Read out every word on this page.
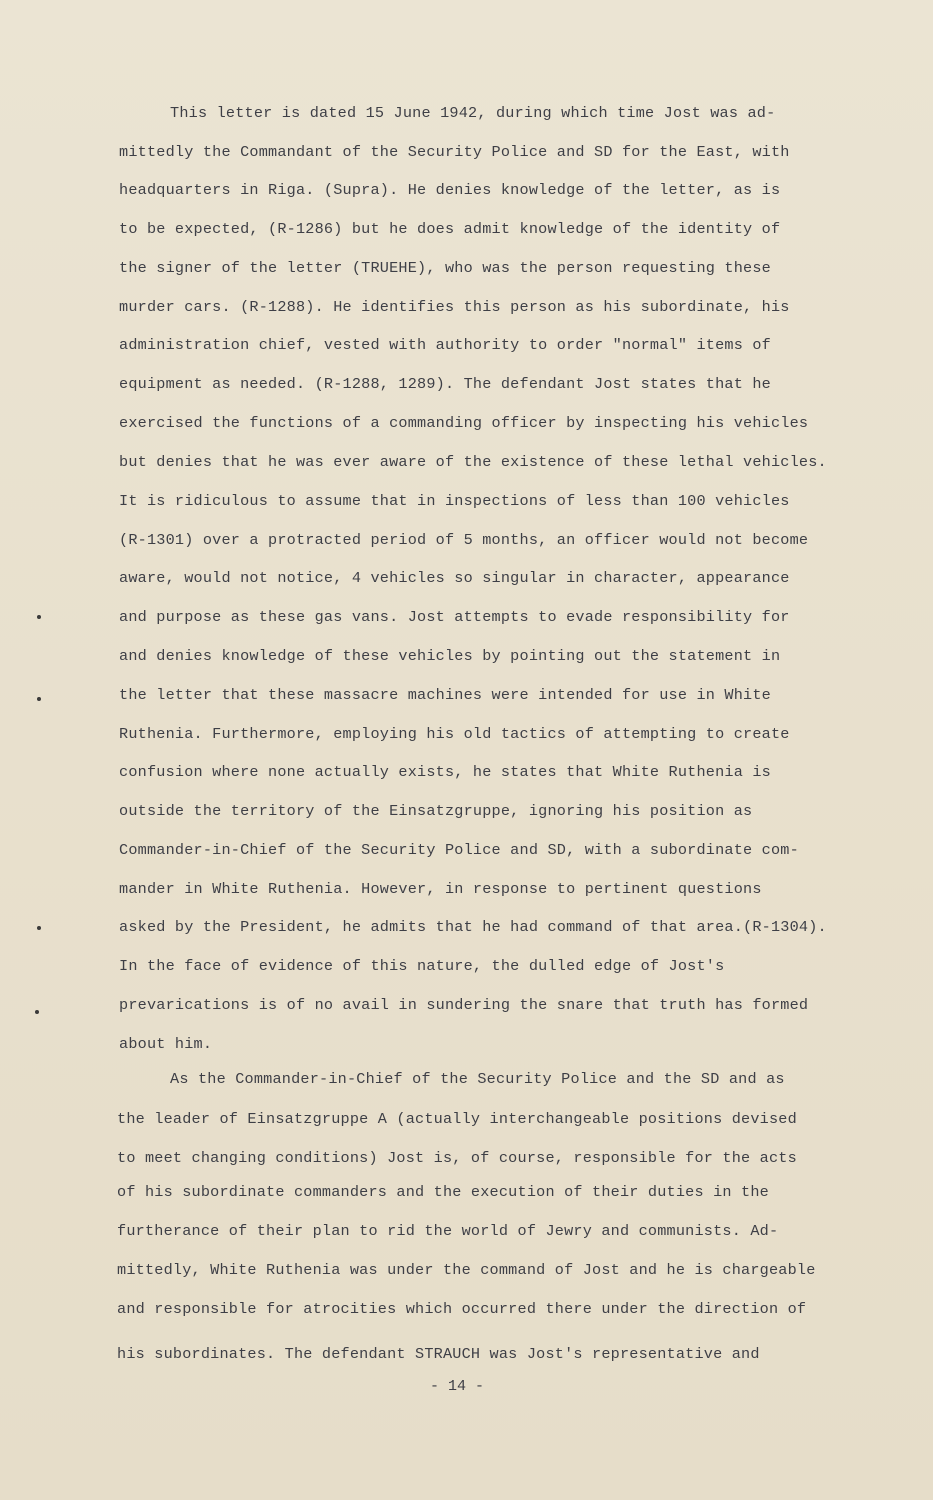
This letter is dated 15 June 1942, during which time Jost was ad-
mittedly the Commandant of the Security Police and SD for the East, with
headquarters in Riga. (Supra). He denies knowledge of the letter, as is
to be expected, (R-1286) but he does admit knowledge of the identity of
the signer of the letter (TRUEHE), who was the person requesting these
murder cars. (R-1288). He identifies this person as his subordinate, his
administration chief, vested with authority to order "normal" items of
equipment as needed. (R-1288, 1289). The defendant Jost states that he
exercised the functions of a commanding officer by inspecting his vehicles
but denies that he was ever aware of the existence of these lethal vehicles.
It is ridiculous to assume that in inspections of less than 100 vehicles
(R-1301) over a protracted period of 5 months, an officer would not become
aware, would not notice, 4 vehicles so singular in character, appearance
and purpose as these gas vans. Jost attempts to evade responsibility for
and denies knowledge of these vehicles by pointing out the statement in
the letter that these massacre machines were intended for use in White
Ruthenia. Furthermore, employing his old tactics of attempting to create
confusion where none actually exists, he states that White Ruthenia is
outside the territory of the Einsatzgruppe, ignoring his position as
Commander-in-Chief of the Security Police and SD, with a subordinate com-
mander in White Ruthenia. However, in response to pertinent questions
asked by the President, he admits that he had command of that area.(R-1304).
In the face of evidence of this nature, the dulled edge of Jost's
prevarications is of no avail in sundering the snare that truth has formed
about him.
As the Commander-in-Chief of the Security Police and the SD and as
the leader of Einsatzgruppe A (actually interchangeable positions devised
to meet changing conditions) Jost is, of course, responsible for the acts
of his subordinate commanders and the execution of their duties in the
furtherance of their plan to rid the world of Jewry and communists. Ad-
mittedly, White Ruthenia was under the command of Jost and he is chargeable
and responsible for atrocities which occurred there under the direction of
his subordinates. The defendant STRAUCH was Jost's representative and
- 14 -
